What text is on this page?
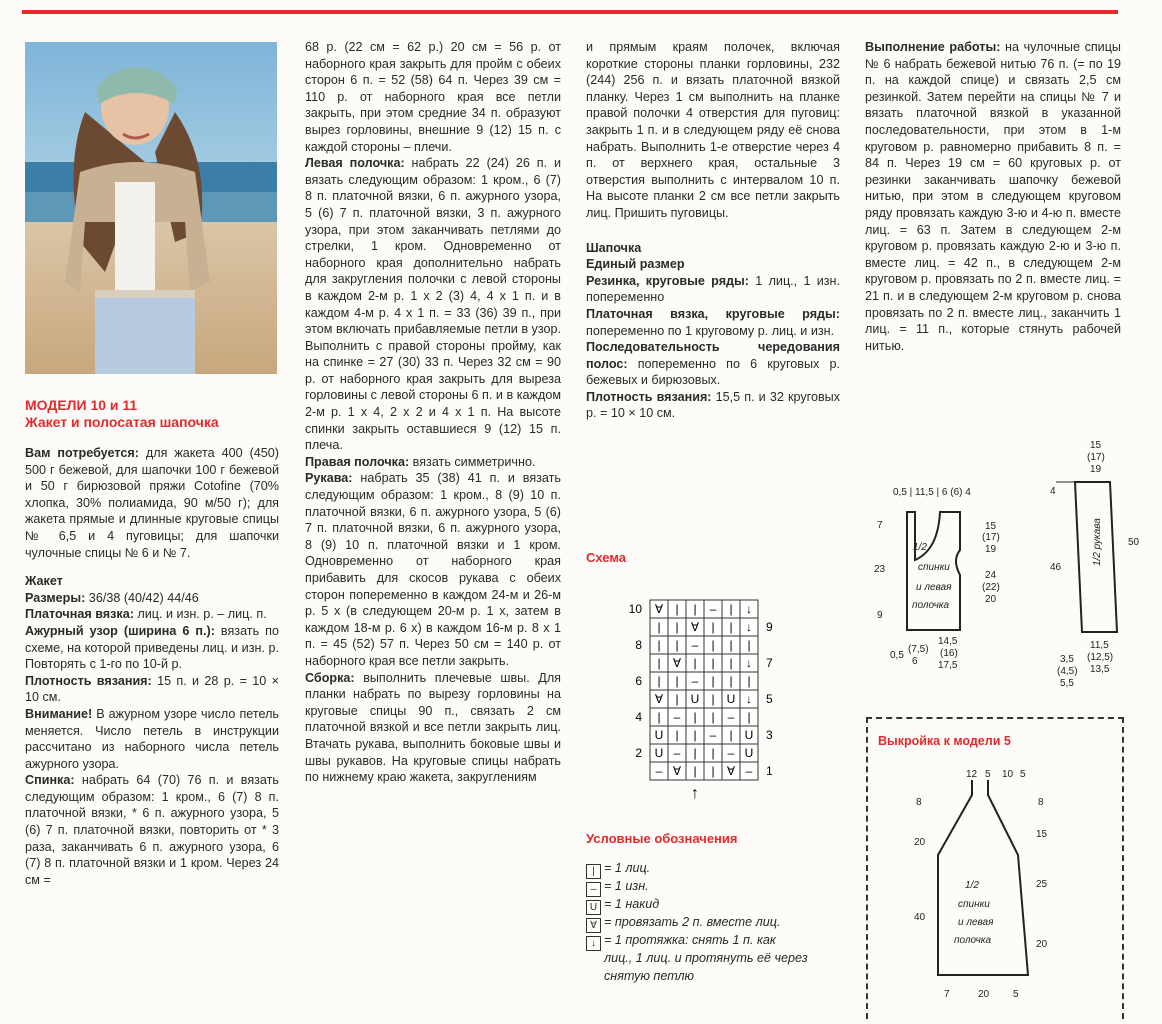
МОДЕЛИ 10 и 11
Жакет и полосатая шапочка

Вам потребуется: для жакета 400 (450) 500 г бежевой, для шапочки 100 г бежевой и 50 г бирюзовой пряжи Cotofine (70% хлопка, 30% полиамида, 90 м/50 г); для жакета прямые и длинные круговые спицы № 6,5 и 4 пуговицы; для шапочки чулочные спицы № 6 и № 7.

Жакет

Размеры: 36/38 (40/42) 44/46

Платочная вязка: лиц. и изн. р. – лиц. п.

Ажурный узор (ширина 6 п.): вязать по схеме, на которой приведены лиц. и изн. р. Повторять с 1-го по 10-й р.

Плотность вязания: 15 п. и 28 р. = 10 × 10 см.

Внимание! В ажурном узоре число петель меняется. Число петель в инструкции рассчитано из наборного числа петель ажурного узора.

Спинка: набрать 64 (70) 76 п. и вязать следующим образом: 1 кром., 6 (7) 8 п. платочной вязки, * 6 п. ажурного узора, 5 (6) 7 п. платочной вязки, повторить от * 3 раза, заканчивать 6 п. ажурного узора, 6 (7) 8 п. платочной вязки и 1 кром. Через 24 см =

68 р. (22 см = 62 р.) 20 см = 56 р. от наборного края закрыть для пройм с обеих сторон 6 п. = 52 (58) 64 п. Через 39 см = 110 р. от наборного края все петли закрыть, при этом средние 34 п. образуют вырез горловины, внешние 9 (12) 15 п. с каждой стороны – плечи.

Левая полочка: набрать 22 (24) 26 п. и вязать следующим образом: 1 кром., 6 (7) 8 п. платочной вязки, 6 п. ажурного узора, 5 (6) 7 п. платочной вязки, 3 п. ажурного узора, при этом заканчивать петлями до стрелки, 1 кром. Одновременно от наборного края дополнительно набрать для закругления полочки с левой стороны в каждом 2-м р. 1 х 2 (3) 4, 4 х 1 п. и в каждом 4-м р. 4 х 1 п. = 33 (36) 39 п., при этом включать прибавляемые петли в узор. Выполнить с правой стороны пройму, как на спинке = 27 (30) 33 п. Через 32 см = 90 р. от наборного края закрыть для выреза горловины с левой стороны 6 п. и в каждом 2-м р. 1 х 4, 2 х 2 и 4 х 1 п. На высоте спинки закрыть оставшиеся 9 (12) 15 п. плеча.

Правая полочка: вязать симметрично.

Рукава: набрать 35 (38) 41 п. и вязать следующим образом: 1 кром., 8 (9) 10 п. платочной вязки, 6 п. ажурного узора, 5 (6) 7 п. платочной вязки, 6 п. ажурного узора, 8 (9) 10 п. платочной вязки и 1 кром. Одновременно от наборного края прибавить для скосов рукава с обеих сторон попеременно в каждом 24-м и 26-м р. 5 х (в следующем 20-м р. 1 х, затем в каждом 18-м р. 6 х) в каждом 16-м р. 8 х 1 п. = 45 (52) 57 п. Через 50 см = 140 р. от наборного края все петли закрыть.

Сборка: выполнить плечевые швы. Для планки набрать по вырезу горловины на круговые спицы 90 п., связать 2 см платочной вязкой и все петли закрыть лиц. Втачать рукава, выполнить боковые швы и швы рукавов. На круговые спицы набрать по нижнему краю жакета, закруглениям

и прямым краям полочек, включая короткие стороны планки горловины, 232 (244) 256 п. и вязать платочной вязкой планку. Через 1 см выполнить на планке правой полочки 4 отверстия для пуговиц: закрыть 1 п. и в следующем ряду её снова набрать. Выполнить 1-е отверстие через 4 п. от верхнего края, остальные 3 отверстия выполнить с интервалом 10 п. На высоте планки 2 см все петли закрыть лиц. Пришить пуговицы.

Шапочка

Единый размер

Резинка, круговые ряды: 1 лиц., 1 изн. попеременно

Платочная вязка, круговые ряды: попеременно по 1 круговому р. лиц. и изн.

Последовательность чередования полос: попеременно по 6 круговых р. бежевых и бирюзовых.

Плотность вязания: 15,5 п. и 32 круговых р. = 10 × 10 см.

Схема
∀ | | – | ↓
10
| | ∀ | | ↓ 9
| | – | | |
8
| ∀ | | | ↓ 7
| | – | | |
6
∀ | U | U ↓ 5
| – | | – |
4
U | | – | U 3
U – | | – U
2
– ∀ | | ∀ – 1
↑
Условные обозначения
| = 1 лиц.
– = 1 изн.
U = 1 накид
∀ = провязать 2 п. вместе лиц.
↓ = 1 протяжка: снять 1 п. как
лиц., 1 лиц. и протянуть её через
снятую петлю

Выполнение работы: на чулочные спицы № 6 набрать бежевой нитью 76 п. (= по 19 п. на каждой спице) и связать 2,5 см резинкой. Затем перейти на спицы № 7 и вязать платочной вязкой в указанной последовательности, при этом в 1-м круговом р. равномерно прибавить 8 п. = 84 п. Через 19 см = 60 круговых р. от резинки заканчивать шапочку бежевой нитью, при этом в следующем круговом ряду провязать каждую 3-ю и 4-ю п. вместе лиц. = 63 п. Затем в следующем 2-м круговом р. провязать каждую 2-ю и 3-ю п. вместе лиц. = 42 п., в следующем 2-м круговом р. провязать по 2 п. вместе лиц. = 21 п. и в следующем 2-м круговом р. снова провязать по 2 п. вместе лиц., заканчить 1 лиц. = 11 п., которые стянуть рабочей нитью.

1/2
спинки
и левая
полочка
0,5 | 11,5 | 6 (6) 4
7
23
9
15
(17)
19
24
(22)
20
0,5
(7,5)
6
14,5
(16)
17,5
1/2 рукава
15
(17)
19
4
46
50
11,5
(12,5)
13,5
3,5
(4,5)
5,5
Выкройка к модели 5
12 5 10 5
8
20
40
8
15
25
20
7	20 5
1/2
спинки
и левая
полочка
